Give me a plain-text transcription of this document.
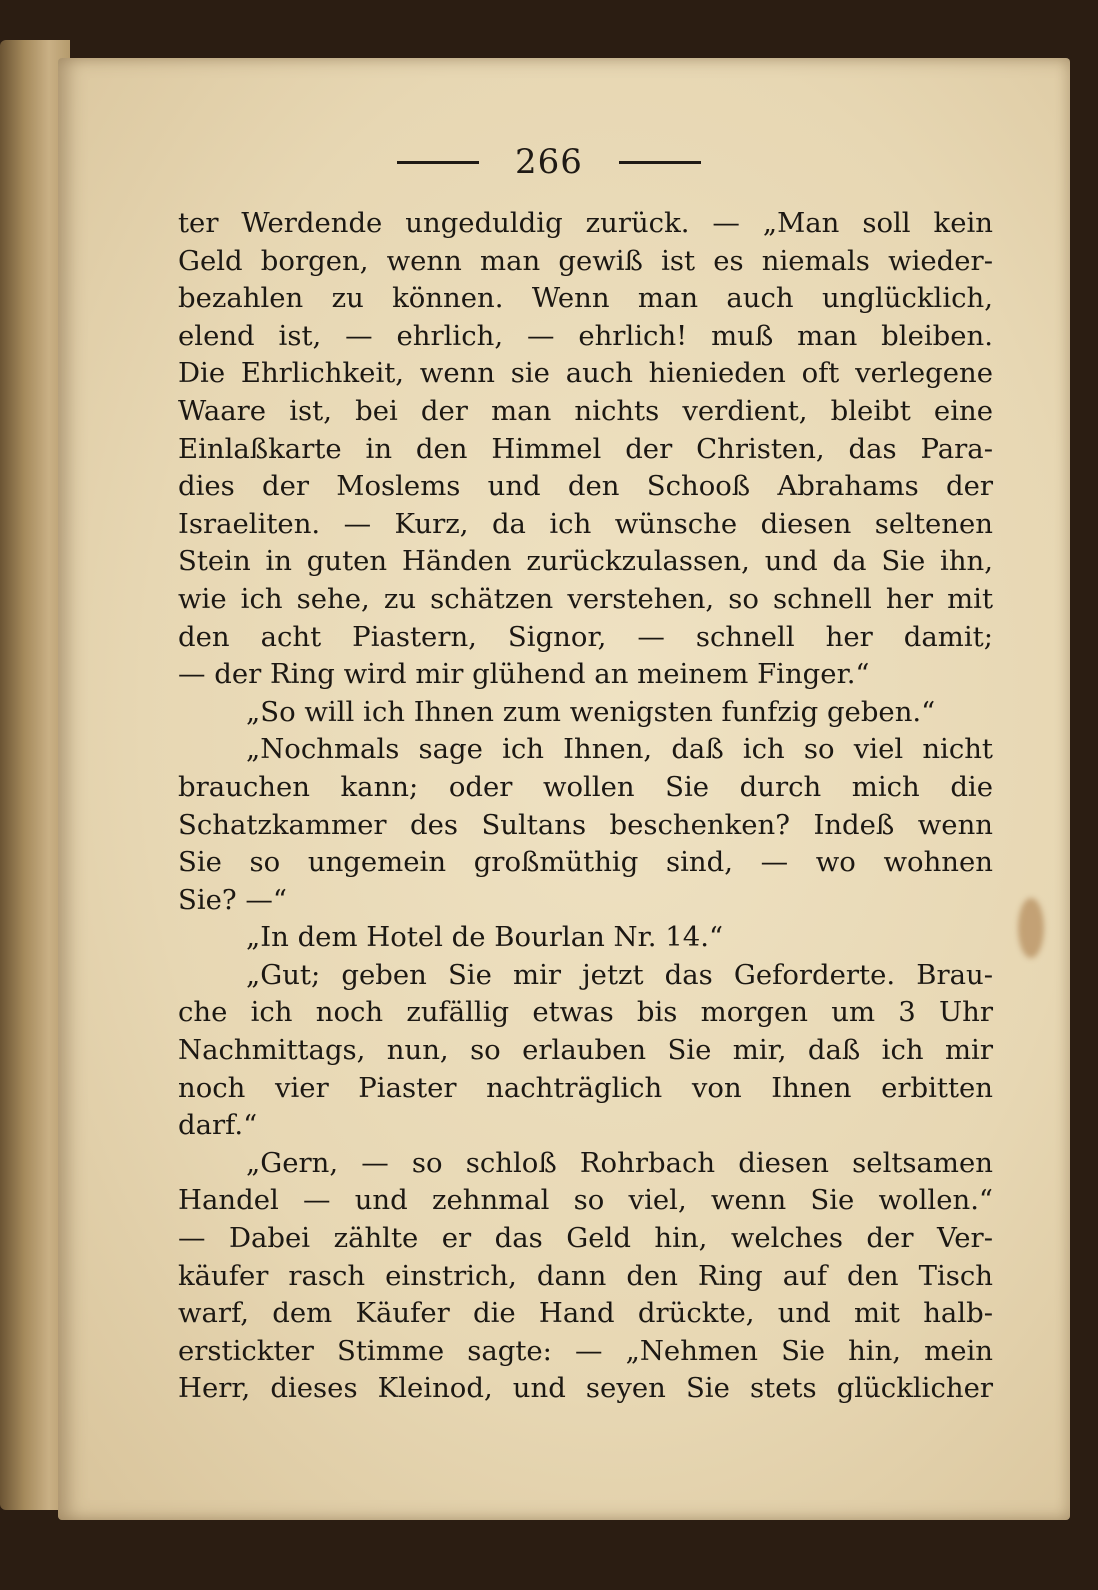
266
ter Werdende ungeduldig zurück. — „Man soll kein
Geld borgen, wenn man gewiß ist es niemals wieder-
bezahlen zu können. Wenn man auch unglücklich,
elend ist, — ehrlich, — ehrlich! muß man bleiben.
Die Ehrlichkeit, wenn sie auch hienieden oft verlegene
Waare ist, bei der man nichts verdient, bleibt eine
Einlaßkarte in den Himmel der Christen, das Para-
dies der Moslems und den Schooß Abrahams der
Israeliten. — Kurz, da ich wünsche diesen seltenen
Stein in guten Händen zurückzulassen, und da Sie ihn,
wie ich sehe, zu schätzen verstehen, so schnell her mit
den acht Piastern, Signor, — schnell her damit;
— der Ring wird mir glühend an meinem Finger.“
„So will ich Ihnen zum wenigsten funfzig geben.“
„Nochmals sage ich Ihnen, daß ich so viel nicht
brauchen kann; oder wollen Sie durch mich die
Schatzkammer des Sultans beschenken? Indeß wenn
Sie so ungemein großmüthig sind, — wo wohnen
Sie? —“
„In dem Hotel de Bourlan Nr. 14.“
„Gut; geben Sie mir jetzt das Geforderte. Brau-
che ich noch zufällig etwas bis morgen um 3 Uhr
Nachmittags, nun, so erlauben Sie mir, daß ich mir
noch vier Piaster nachträglich von Ihnen erbitten
darf.“
„Gern, — so schloß Rohrbach diesen seltsamen
Handel — und zehnmal so viel, wenn Sie wollen.“
— Dabei zählte er das Geld hin, welches der Ver-
käufer rasch einstrich, dann den Ring auf den Tisch
warf, dem Käufer die Hand drückte, und mit halb-
erstickter Stimme sagte: — „Nehmen Sie hin, mein
Herr, dieses Kleinod, und seyen Sie stets glücklicher
